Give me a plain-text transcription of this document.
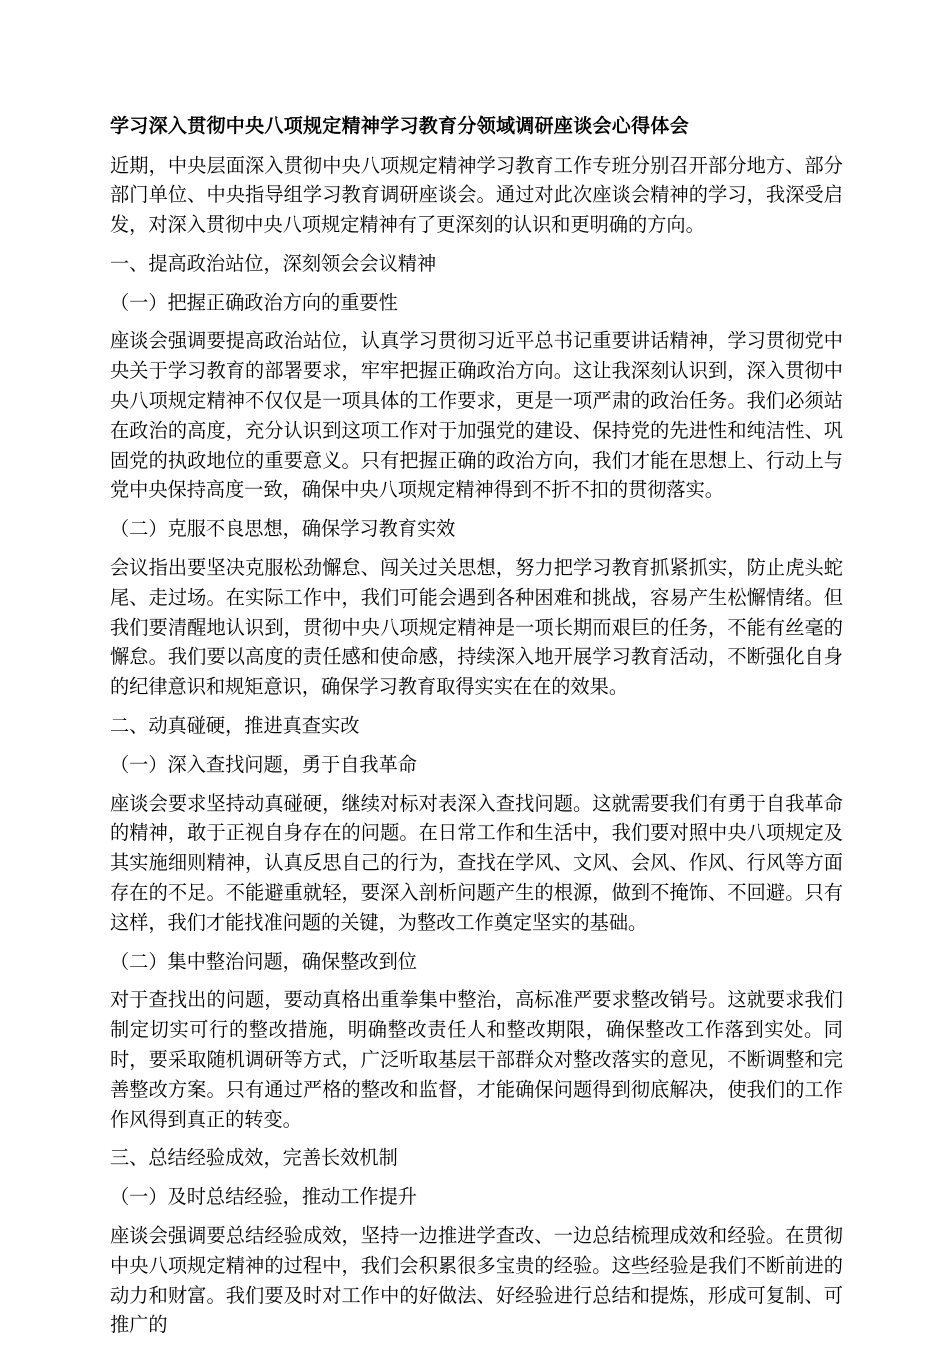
学习深入贯彻中央八项规定精神学习教育分领域调研座谈会心得体会

近期，中央层面深入贯彻中央八项规定精神学习教育工作专班分别召开部分地方、部分部门单位、中央指导组学习教育调研座谈会。通过对此次座谈会精神的学习，我深受启发，对深入贯彻中央八项规定精神有了更深刻的认识和更明确的方向。

一、提高政治站位，深刻领会会议精神

（一）把握正确政治方向的重要性

座谈会强调要提高政治站位，认真学习贯彻习近平总书记重要讲话精神，学习贯彻党中央关于学习教育的部署要求，牢牢把握正确政治方向。这让我深刻认识到，深入贯彻中央八项规定精神不仅仅是一项具体的工作要求，更是一项严肃的政治任务。我们必须站在政治的高度，充分认识到这项工作对于加强党的建设、保持党的先进性和纯洁性、巩固党的执政地位的重要意义。只有把握正确的政治方向，我们才能在思想上、行动上与党中央保持高度一致，确保中央八项规定精神得到不折不扣的贯彻落实。

（二）克服不良思想，确保学习教育实效

会议指出要坚决克服松劲懈怠、闯关过关思想，努力把学习教育抓紧抓实，防止虎头蛇尾、走过场。在实际工作中，我们可能会遇到各种困难和挑战，容易产生松懈情绪。但我们要清醒地认识到，贯彻中央八项规定精神是一项长期而艰巨的任务，不能有丝毫的懈怠。我们要以高度的责任感和使命感，持续深入地开展学习教育活动，不断强化自身的纪律意识和规矩意识，确保学习教育取得实实在在的效果。

二、动真碰硬，推进真查实改

（一）深入查找问题，勇于自我革命

座谈会要求坚持动真碰硬，继续对标对表深入查找问题。这就需要我们有勇于自我革命的精神，敢于正视自身存在的问题。在日常工作和生活中，我们要对照中央八项规定及其实施细则精神，认真反思自己的行为，查找在学风、文风、会风、作风、行风等方面存在的不足。不能避重就轻，要深入剖析问题产生的根源，做到不掩饰、不回避。只有这样，我们才能找准问题的关键，为整改工作奠定坚实的基础。

（二）集中整治问题，确保整改到位

对于查找出的问题，要动真格出重拳集中整治，高标准严要求整改销号。这就要求我们制定切实可行的整改措施，明确整改责任人和整改期限，确保整改工作落到实处。同时，要采取随机调研等方式，广泛听取基层干部群众对整改落实的意见，不断调整和完善整改方案。只有通过严格的整改和监督，才能确保问题得到彻底解决，使我们的工作作风得到真正的转变。

三、总结经验成效，完善长效机制

（一）及时总结经验，推动工作提升

座谈会强调要总结经验成效，坚持一边推进学查改、一边总结梳理成效和经验。在贯彻中央八项规定精神的过程中，我们会积累很多宝贵的经验。这些经验是我们不断前进的动力和财富。我们要及时对工作中的好做法、好经验进行总结和提炼，形成可复制、可推广的
